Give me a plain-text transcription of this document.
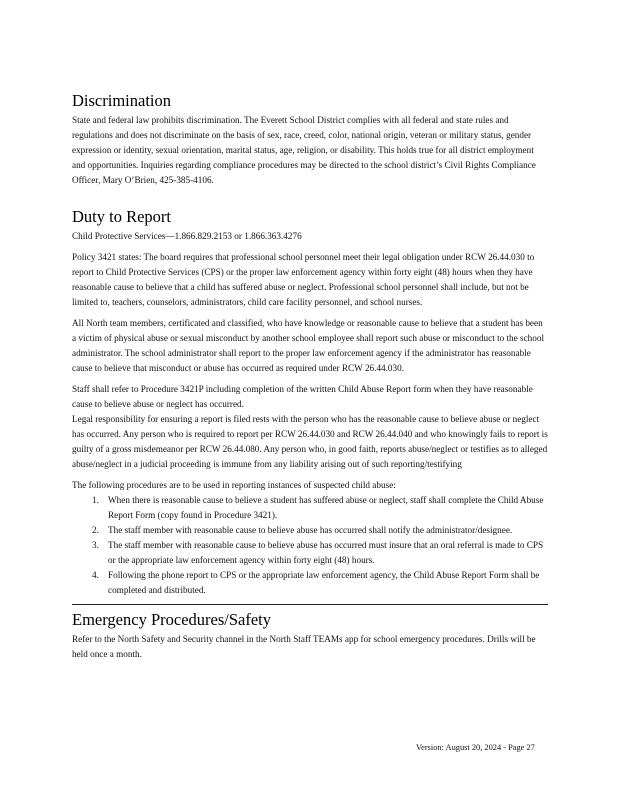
Discrimination

State and federal law prohibits discrimination. The Everett School District complies with all federal and state rules and regulations and does not discriminate on the basis of sex, race, creed, color, national origin, veteran or military status, gender expression or identity, sexual orientation, marital status, age, religion, or disability. This holds true for all district employment and opportunities. Inquiries regarding compliance procedures may be directed to the school district’s Civil Rights Compliance Officer, Mary O’Brien, 425-385-4106.

Duty to Report

Child Protective Services—1.866.829.2153 or 1.866.363.4276

Policy 3421 states: The board requires that professional school personnel meet their legal obligation under RCW 26.44.030 to report to Child Protective Services (CPS) or the proper law enforcement agency within forty eight (48) hours when they have reasonable cause to believe that a child has suffered abuse or neglect. Professional school personnel shall include, but not be limited to, teachers, counselors, administrators, child care facility personnel, and school nurses.

All North team members, certificated and classified, who have knowledge or reasonable cause to believe that a student has been a victim of physical abuse or sexual misconduct by another school employee shall report such abuse or misconduct to the school administrator. The school administrator shall report to the proper law enforcement agency if the administrator has reasonable cause to believe that misconduct or abuse has occurred as required under RCW 26.44.030.

Staff shall refer to Procedure 3421P including completion of the written Child Abuse Report form when they have reasonable cause to believe abuse or neglect has occurred.

Legal responsibility for ensuring a report is filed rests with the person who has the reasonable cause to believe abuse or neglect has occurred. Any person who is required to report per RCW 26.44.030 and RCW 26.44.040 and who knowingly fails to report is guilty of a gross misdemeanor per RCW 26.44.080. Any person who, in good faith, reports abuse/neglect or testifies as to alleged abuse/neglect in a judicial proceeding is immune from any liability arising out of such reporting/testifying

The following procedures are to be used in reporting instances of suspected child abuse:

1. When there is reasonable cause to believe a student has suffered abuse or neglect, staff shall complete the Child Abuse Report Form (copy found in Procedure 3421).
2. The staff member with reasonable cause to believe abuse has occurred shall notify the administrator/designee.
3. The staff member with reasonable cause to believe abuse has occurred must insure that an oral referral is made to CPS or the appropriate law enforcement agency within forty eight (48) hours.
4. Following the phone report to CPS or the appropriate law enforcement agency, the Child Abuse Report Form shall be completed and distributed.
Emergency Procedures/Safety

Refer to the North Safety and Security channel in the North Staff TEAMs app for school emergency procedures. Drills will be held once a month.

Version: August 20, 2024 - Page 27
